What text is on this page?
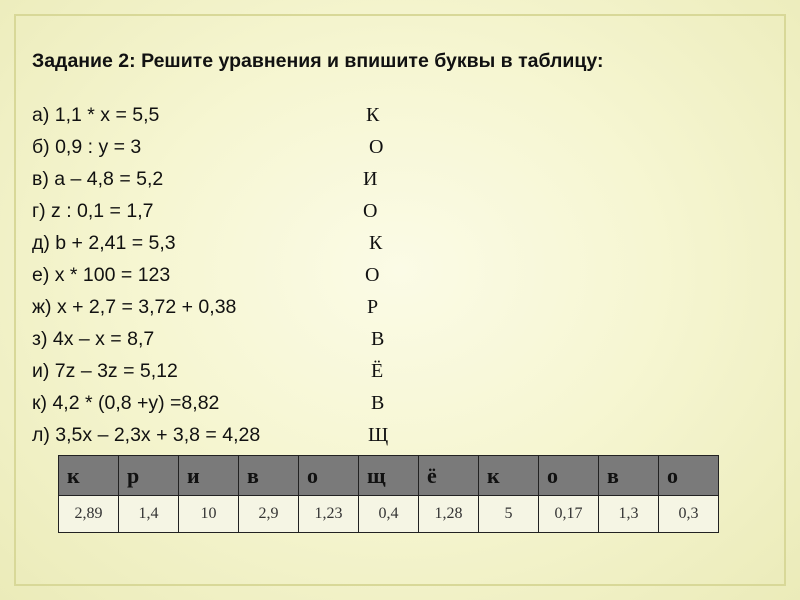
Задание 2: Решите уравнения и впишите буквы в таблицу:
а) 1,1 * х = 5,5	К
б) 0,9 : у = 3	О
в) а – 4,8 = 5,2	И
г) z : 0,1 = 1,7	О
д) b + 2,41 = 5,3	К
е) x * 100 = 123	О
ж) x + 2,7 = 3,72 + 0,38	Р
з) 4x – x = 8,7	В
и) 7z – 3z = 5,12	Ё
к) 4,2 * (0,8 +у) =8,82	В
л) 3,5х – 2,3х + 3,8 = 4,28	Щ
к	р	и	в	о	щ	ё	к	о	в	о
2,89	1,4	10	2,9	1,23	0,4	1,28	5	0,17	1,3	0,3
